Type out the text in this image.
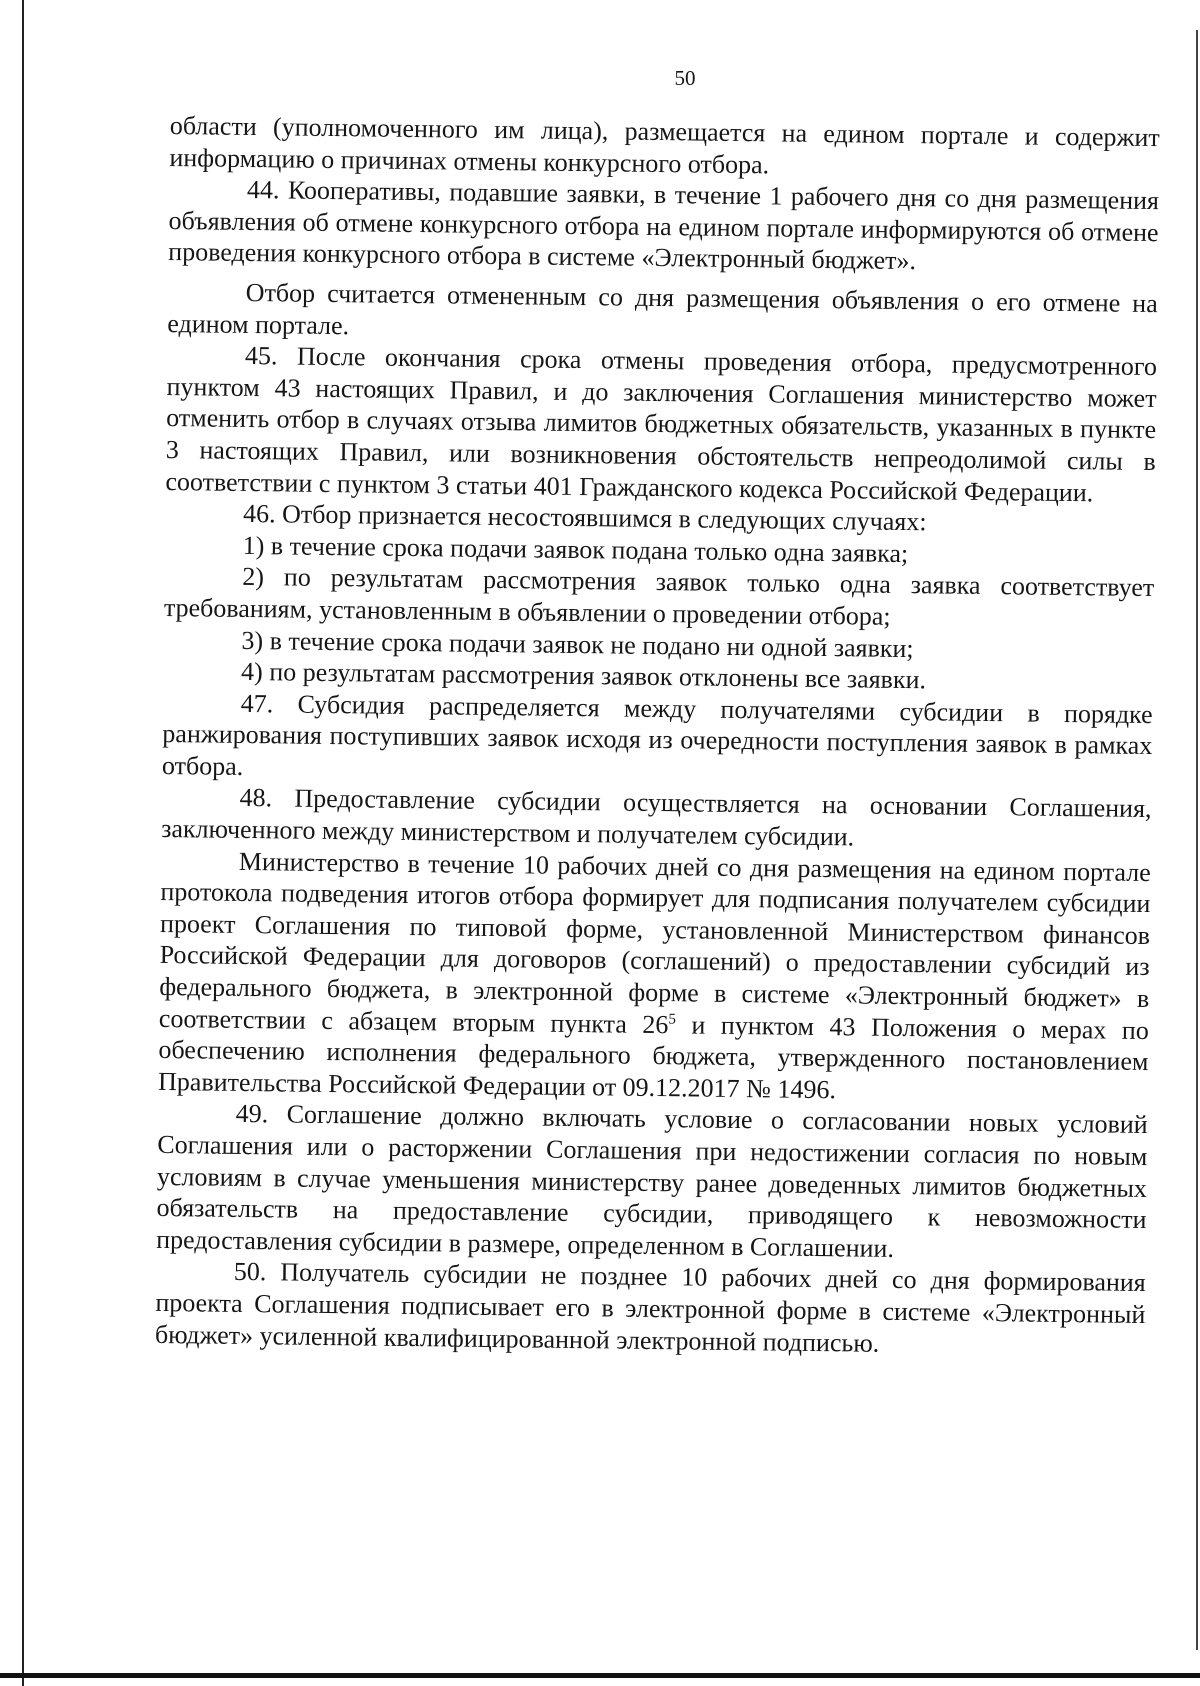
50

области (уполномоченного им лица), размещается на едином портале и содержит информацию о причинах отмены конкурсного отбора.

44. Кооперативы, подавшие заявки, в течение 1 рабочего дня со дня размещения объявления об отмене конкурсного отбора на едином портале информируются об отмене проведения конкурсного отбора в системе «Электронный бюджет».

Отбор считается отмененным со дня размещения объявления о его отмене на едином портале.

45. После окончания срока отмены проведения отбора, предусмотренного пунктом 43 настоящих Правил, и до заключения Соглашения министерство может отменить отбор в случаях отзыва лимитов бюджетных обязательств, указанных в пункте 3 настоящих Правил, или возникновения обстоятельств непреодолимой силы в соответствии с пунктом 3 статьи 401 Гражданского кодекса Российской Федерации.

46. Отбор признается несостоявшимся в следующих случаях:

1) в течение срока подачи заявок подана только одна заявка;

2) по результатам рассмотрения заявок только одна заявка соответствует требованиям, установленным в объявлении о проведении отбора;

3) в течение срока подачи заявок не подано ни одной заявки;

4) по результатам рассмотрения заявок отклонены все заявки.

47. Субсидия распределяется между получателями субсидии в порядке ранжирования поступивших заявок исходя из очередности поступления заявок в рамках отбора.

48. Предоставление субсидии осуществляется на основании Соглашения, заключенного между министерством и получателем субсидии.

Министерство в течение 10 рабочих дней со дня размещения на едином портале протокола подведения итогов отбора формирует для подписания получателем субсидии проект Соглашения по типовой форме, установленной Министерством финансов Российской Федерации для договоров (соглашений) о предоставлении субсидий из федерального бюджета, в электронной форме в системе «Электронный бюджет» в соответствии с абзацем вторым пункта $26^5$ и пунктом 43 Положения о мерах по обеспечению исполнения федерального бюджета, утвержденного постановлением Правительства Российской Федерации от 09.12.2017 № 1496.

49. Соглашение должно включать условие о согласовании новых условий Соглашения или о расторжении Соглашения при недостижении согласия по новым условиям в случае уменьшения министерству ранее доведенных лимитов бюджетных обязательств на предоставление субсидии, приводящего к невозможности предоставления субсидии в размере, определенном в Соглашении.

50. Получатель субсидии не позднее 10 рабочих дней со дня формирования проекта Соглашения подписывает его в электронной форме в системе «Электронный бюджет» усиленной квалифицированной электронной подписью.
